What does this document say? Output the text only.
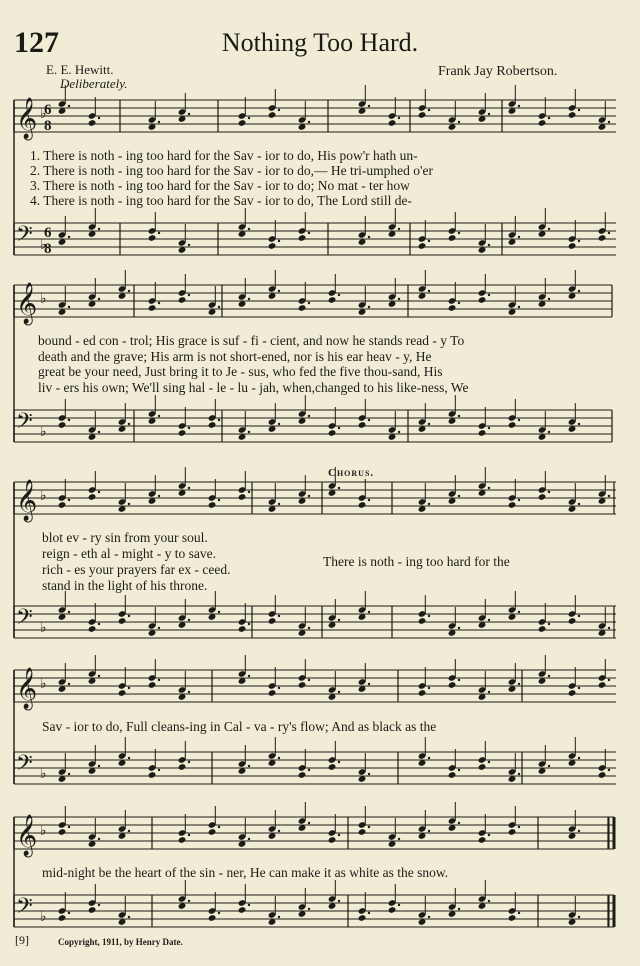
127	Nothing Too Hard.
E. E. Hewitt.
Deliberately.
Frank Jay Robertson.
𝄞 ♭
𝄢 ♭
𝄞 ♭
𝄢 ♭
𝄞 ♭
𝄢 ♭
𝄞 ♭
𝄢 ♭
𝄞 ♭
𝄢 ♭
6
8
6
8
1. There is noth - ing too hard for the Sav - ior to do, His pow'r hath un-
2. There is noth - ing too hard for the Sav - ior to do,— He tri-umphed o'er
3. There is noth - ing too hard for the Sav - ior to do; No mat - ter how
4. There is noth - ing too hard for the Sav - ior to do, The Lord still de-
bound - ed con - trol; His grace is suf - fi - cient, and now he stands read - y To
death and the grave; His arm is not short-ened, nor is his ear heav - y, He
great be your need, Just bring it to Je - sus, who fed the five thou-sand, His
liv - ers his own; We'll sing hal - le - lu - jah, when,changed to his like-ness, We
blot ev - ry sin from your soul.
reign - eth al - might - y to save.
rich - es your prayers far ex - ceed.
stand in the light of his throne.
Chorus.
There is noth - ing too hard for the
Sav - ior to do, Full cleans-ing in Cal - va - ry's flow; And as black as the
mid-night be the heart of the sin - ner, He can make it as white as the snow.
[9]	Copyright, 1911, by Henry Date.
